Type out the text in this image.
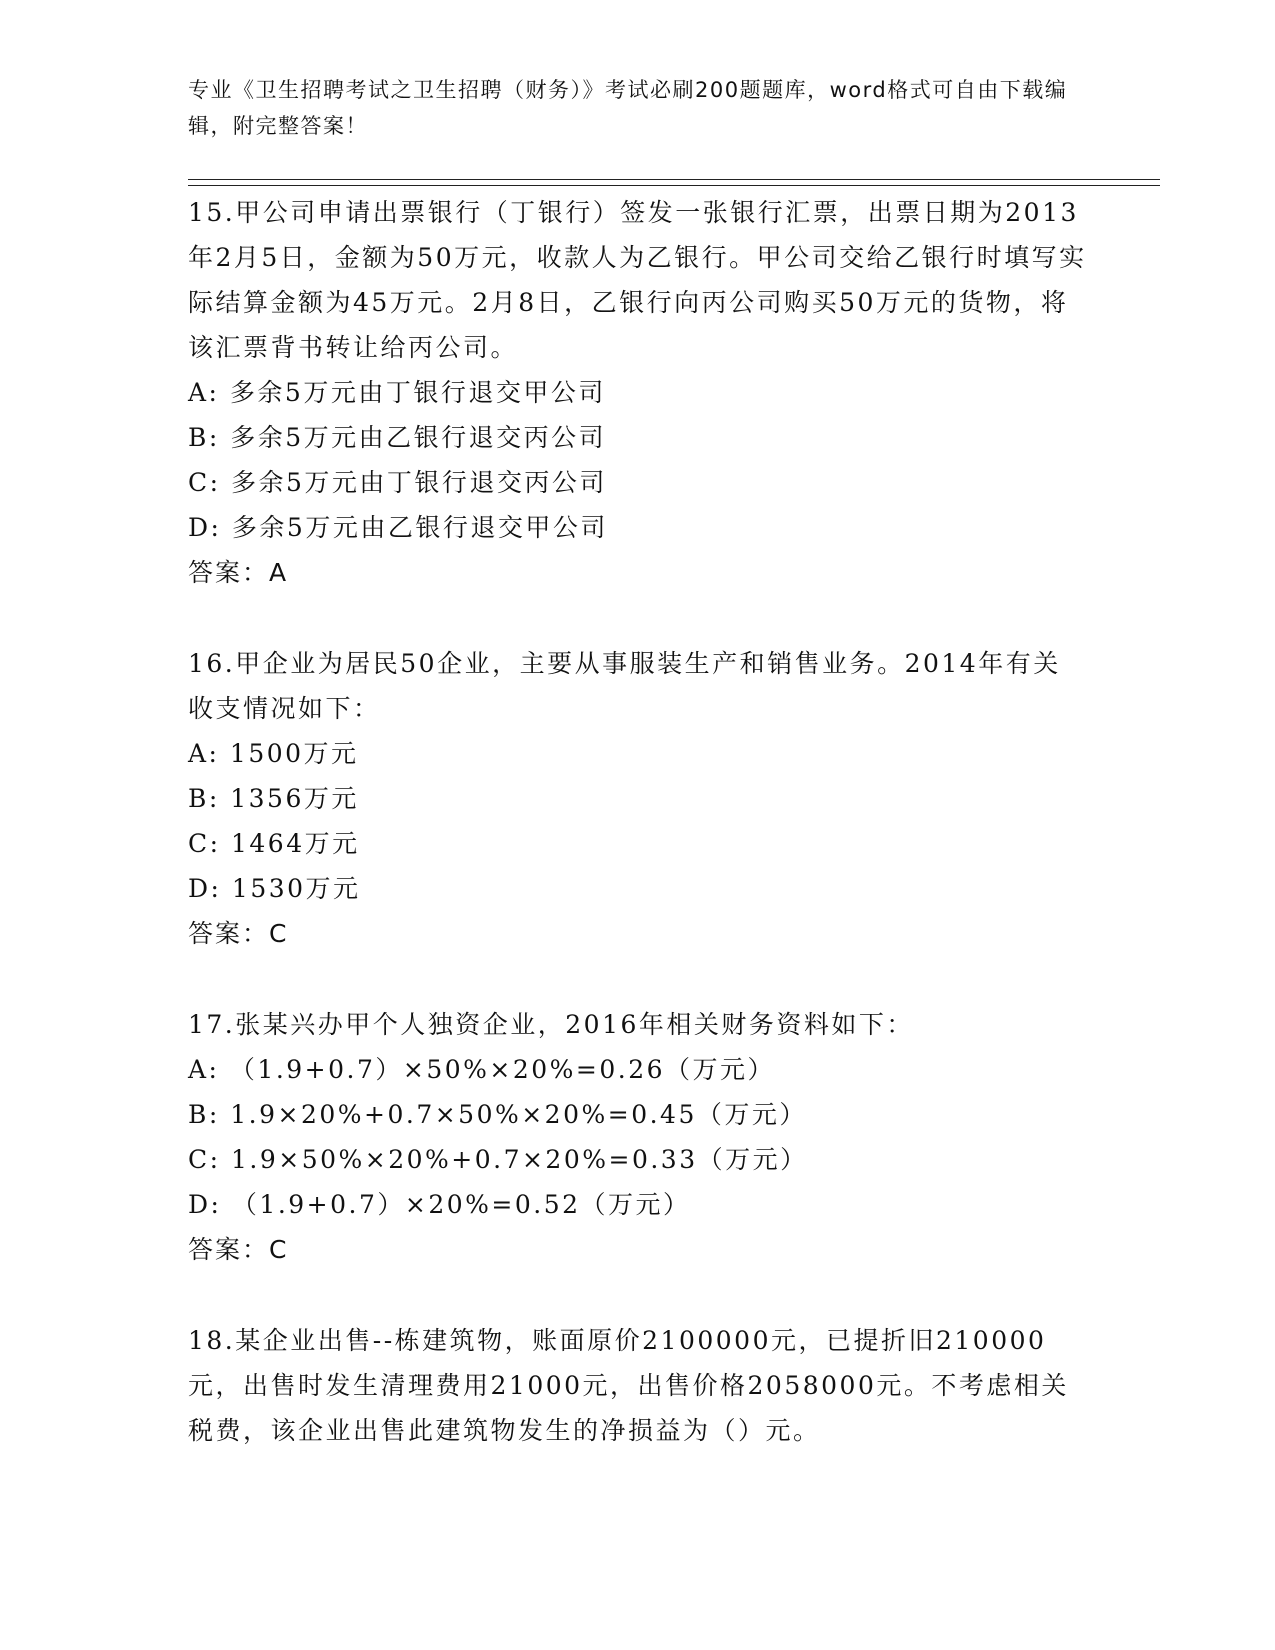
专业《卫生招聘考试之卫生招聘（财务）》考试必刷200题题库，word格式可自由下载编辑，附完整答案！

15.甲公司申请出票银行（丁银行）签发一张银行汇票，出票日期为2013年2月5日，金额为50万元，收款人为乙银行。甲公司交给乙银行时填写实际结算金额为45万元。2月8日，乙银行向丙公司购买50万元的货物，将该汇票背书转让给丙公司。

A: 多余5万元由丁银行退交甲公司

B: 多余5万元由乙银行退交丙公司

C: 多余5万元由丁银行退交丙公司

D: 多余5万元由乙银行退交甲公司

答案：A

16.甲企业为居民50企业，主要从事服装生产和销售业务。2014年有关收支情况如下：

A: 1500万元

B: 1356万元

C: 1464万元

D: 1530万元

答案：C

17.张某兴办甲个人独资企业，2016年相关财务资料如下：

A: （1.9+0.7）×50%×20%=0.26（万元）

B: 1.9×20%+0.7×50%×20%=0.45（万元）

C: 1.9×50%×20%+0.7×20%=0.33（万元）

D: （1.9+0.7）×20%=0.52（万元）

答案：C

18.某企业出售--栋建筑物，账面原价2100000元，已提折旧210000元，出售时发生清理费用21000元，出售价格2058000元。不考虑相关税费，该企业出售此建筑物发生的净损益为（）元。
